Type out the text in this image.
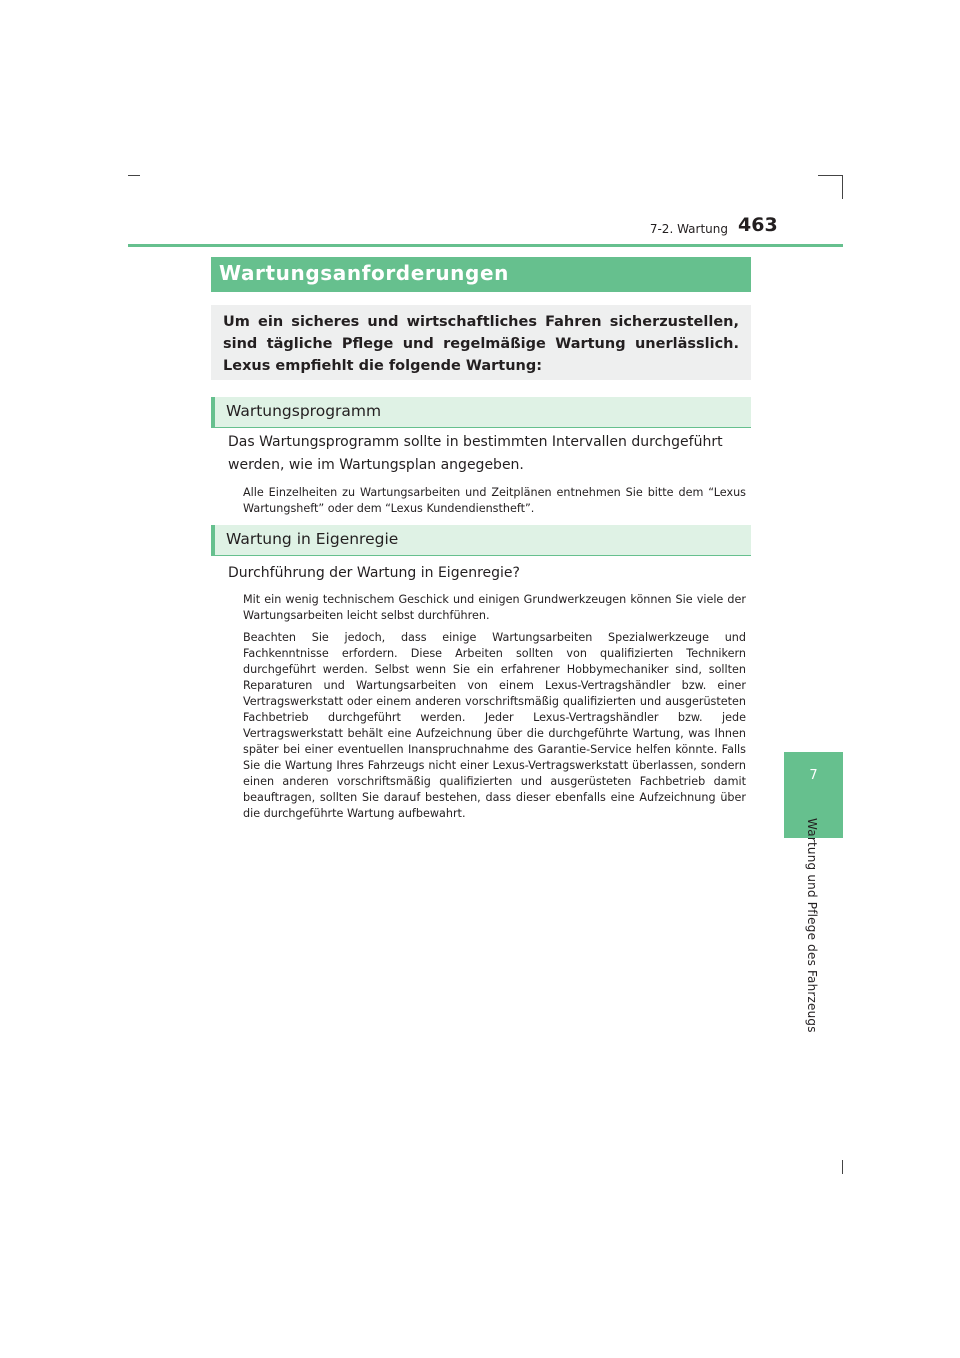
7-2. Wartung 463
7
Wartung und Pflege des Fahrzeugs
Wartungsanforderungen
Um ein sicheres und wirtschaftliches Fahren sicherzustellen, sind tägliche Pflege und regelmäßige Wartung unerlässlich. Lexus empfiehlt die folgende Wartung:
Wartungsprogramm
Das Wartungsprogramm sollte in bestimmten Intervallen durchgeführt werden, wie im Wartungsplan angegeben.

Alle Einzelheiten zu Wartungsarbeiten und Zeitplänen entnehmen Sie bitte dem “Lexus Wartungsheft” oder dem “Lexus Kundendienstheft”.

Wartung in Eigenregie
Durchführung der Wartung in Eigenregie?

Mit ein wenig technischem Geschick und einigen Grundwerkzeugen können Sie viele der Wartungsarbeiten leicht selbst durchführen.

Beachten Sie jedoch, dass einige Wartungsarbeiten Spezialwerkzeuge und Fachkenntnisse erfordern. Diese Arbeiten sollten von qualifizierten Technikern durchgeführt werden. Selbst wenn Sie ein erfahrener Hobbymechaniker sind, sollten Reparaturen und Wartungsarbeiten von einem Lexus-Vertragshändler bzw. einer Vertragswerkstatt oder einem anderen vorschriftsmäßig qualifizierten und ausgerüsteten Fachbetrieb durchgeführt werden. Jeder Lexus-Vertragshändler bzw. jede Vertragswerkstatt behält eine Aufzeichnung über die durchgeführte Wartung, was Ihnen später bei einer eventuellen Inanspruchnahme des Garantie-Service helfen könnte. Falls Sie die Wartung Ihres Fahrzeugs nicht einer Lexus-Vertragswerkstatt überlassen, sondern einen anderen vorschriftsmäßig qualifizierten und ausgerüsteten Fachbetrieb damit beauftragen, sollten Sie darauf bestehen, dass dieser ebenfalls eine Aufzeichnung über die durchgeführte Wartung aufbewahrt.
